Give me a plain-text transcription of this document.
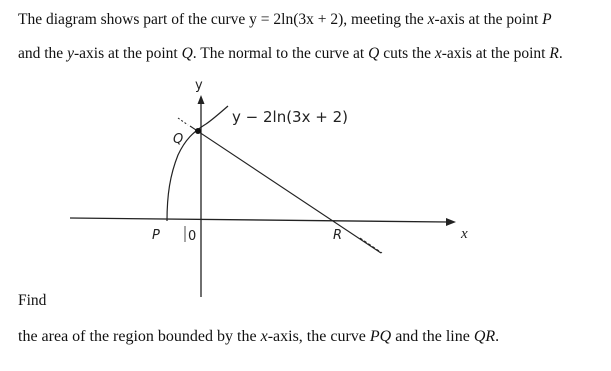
The diagram shows part of the curve y = 2ln(3x + 2), meeting the x-axis at the point P
and the y-axis at the point Q. The normal to the curve at Q cuts the x-axis at the point R.
y
x
Q
P 0	R
y − 2ln(3x + 2)
Find
the area of the region bounded by the x-axis, the curve PQ and the line QR.
